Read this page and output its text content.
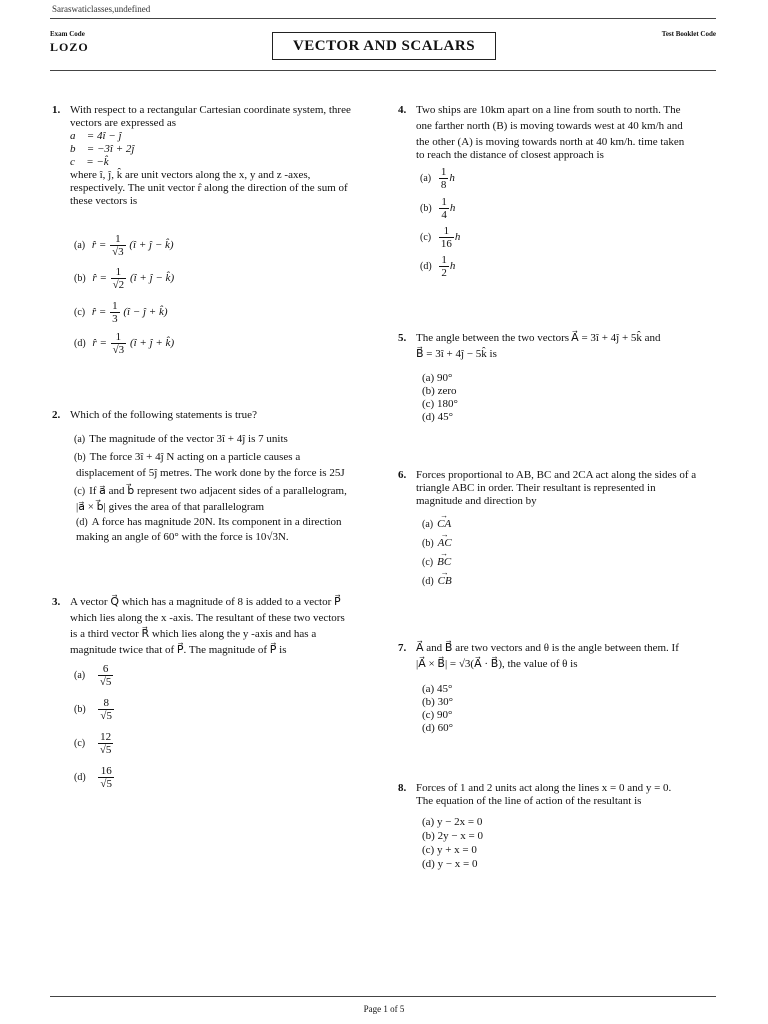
Saraswaticlasses,undefined
Exam Code
LOZO	VECTOR AND SCALARS
Test Booklet Code
1. With respect to a rectangular Cartesian coordinate system, three
vectors are expressed as
a⃗ = 4î − ĵ
b⃗ = −3î + 2ĵ
c⃗ = −k̂
where î, ĵ, k̂ are unit vectors along the x, y and z -axes,
respectively. The unit vector r̂ along the direction of the sum of
these vectors is
(a) r̂ = $\frac{1}{√3}$ (î + ĵ − k̂)
(b) r̂ = $\frac{1}{√2}$ (î + ĵ − k̂)
(c) r̂ = $\frac{1}{3}$ (î − ĵ + k̂)
(d) r̂ = $\frac{1}{√3}$ (î + ĵ + k̂)
2. Which of the following statements is true?
(a) The magnitude of the vector 3î + 4ĵ is 7 units
(b) The force 3î + 4ĵ N acting on a particle causes a
displacement of 5ĵ metres. The work done by the force is 25J
(c) If a⃗ and b⃗ represent two adjacent sides of a parallelogram,
|a⃗ × b⃗| gives the area of that parallelogram
(d) A force has magnitude 20N. Its component in a direction
making an angle of 60° with the force is 10√3N.
3. A vector Q⃗ which has a magnitude of 8 is added to a vector P⃗
which lies along the x -axis. The resultant of these two vectors
is a third vector R⃗ which lies along the y -axis and has a
magnitude twice that of P⃗. The magnitude of P⃗ is
$(a) \frac{6}{√5}$
$(b) \frac{8}{√5}$
$(c) \frac{12}{√5}$
$(d) \frac{16}{√5}$
4. Two ships are 10km apart on a line from south to north. The
one farther north (B) is moving towards west at 40 km/h and
the other (A) is moving towards north at 40 km/h. time taken
to reach the distance of closest approach is
$(a) \frac{1}{8}$ h
$(b) \frac{1}{4}$ h
$(c) \frac{1}{16}$ h
$(d) \frac{1}{2}$ h
5. The angle between the two vectors A⃗ = 3î + 4ĵ + 5k̂ and
B⃗ = 3î + 4ĵ − 5k̂ is
(a) 90°
(b) zero
(c) 180°
(d) 45°
6. Forces proportional to AB, BC and 2CA act along the sides of a
triangle ABC in order. Their resultant is represented in
magnitude and direction by
(a) CA →
(b) AC →
(c) BC →
(d) CB →
7. A⃗ and B⃗ are two vectors and θ is the angle between them. If
|A⃗ × B⃗| = √3(A⃗ · B⃗), the value of θ is
(a) 45°
(b) 30°
(c) 90°
(d) 60°
8. Forces of 1 and 2 units act along the lines x = 0 and y = 0.
The equation of the line of action of the resultant is
(a) y − 2x = 0
(b) 2y − x = 0
(c) y + x = 0
(d) y − x = 0
Page 1 of 5
